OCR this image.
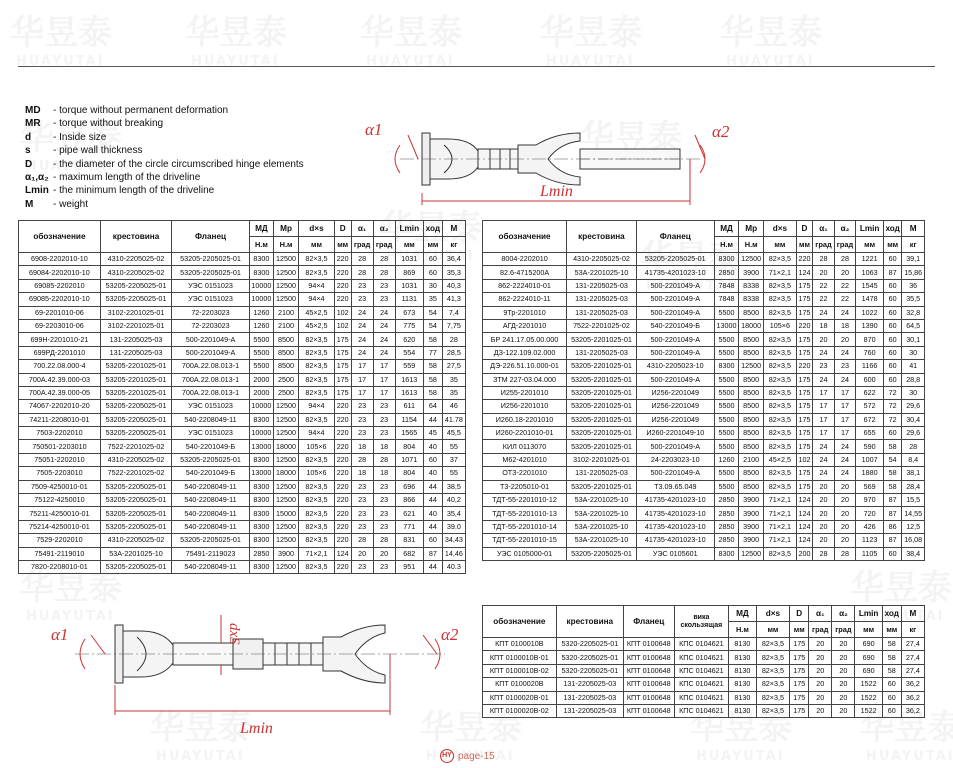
MD	- torque without permanent deformation
MR	- torque without breaking
d	- Inside size
s	- pipe wall thickness
D	- the diameter of the circle circumscribed hinge elements
α₁,α₂ - maximum length of the driveline
Lmin - the minimum length of the driveline
M	- weight
α1	α2
Lmin
α1	α2
Lmin
dxS
обозначение	крестовина	Фланец	МД	Мр	d×s	D	α₁	α₂	Lmin	ход	M
			Н.м	Н.м	мм	мм	град	град	мм	мм	кг
6908-2202010-10	4310-2205025-02	53205-2205025-01	8300	12500	82×3,5	220	28	28	1031	60	36,4
69084-2202010-10	4310-2205025-02	53205-2205025-01	8300	12500	82×3,5	220	28	28	869	60	35,3
69085-2202010	53205-2205025-01	УЭС 0151023	10000	12500	94×4	220	23	23	1031	30	40,3
69085-2202010-10	53205-2205025-01	УЭС 0151023	10000	12500	94×4	220	23	23	1131	35	41,3
69-2201010-06	3102-2201025-01	72-2203023	1260	2100	45×2,5	102	24	24	673	54	7,4
69-2203010-06	3102-2201025-01	72-2203023	1260	2100	45×2,5	102	24	24	775	54	7,75
699Н-2201010-21	131-2205025-03	500-2201049-А	5500	8500	82×3,5	175	24	24	620	58	28
699РД-2201010	131-2205025-03	500-2201049-А	5500	8500	82×3,5	175	24	24	554	77	28,5
700.22.08.000-4	53205-2201025-01	700А.22.08.013-1	5500	8500	82×3,5	175	17	17	559	58	27,5
700А.42.39.000-03	53205-2201025-01	700А.22.08.013-1	2000	2500	82×3,5	175	17	17	1613	58	35
700А.42.39.000-05	53205-2201025-01	700А.22.08.013-1	2000	2500	82×3,5	175	17	17	1613	58	35
74067-2202010-20	53205-2205025-01	УЭС 0151023	10000	12500	94×4	220	23	23	611	64	46
74211-2208010-01	53205-2205025-01	540-2208049-11	8300	12500	82×3,5	220	23	23	1154	44	41.78
7503-2202010	53205-2205025-01	УЭС 0151023	10000	12500	94×4	220	23	23	1565	45	45,5
750501-2203010	7522-2201025-02	540-2201049-Б	13000	18000	105×6	220	18	18	804	40	55
75051-2202010	4310-2205025-02	53205-2205025-01	8300	12500	82×3,5	220	28	28	1071	60	37
7505-2203010	7522-2201025-02	540-2201049-Б	13000	18000	105×6	220	18	18	804	40	55
7509-4250010-01	53205-2205025-01	540-2208049-11	8300	12500	82×3,5	220	23	23	696	44	38,5
75122-4250010	53205-2205025-01	540-2208049-11	8300	12500	82×3,5	220	23	23	866	44	40,2
75211-4250010-01	53205-2205025-01	540-2208049-11	8300	15000	82×3,5	220	23	23	621	40	35,4
75214-4250010-01	53205-2205025-01	540-2208049-11	8300	12500	82×3,5	220	23	23	771	44	39.0
7529-2202010	4310-2205025-02	53205-2205025-01	8300	12500	82×3,5	220	28	28	831	60	34,43
75491-2119010	53А-2201025-10	75491-2119023	2850	3900	71×2,1	124	20	20	682	87	14,46
7820-2208010-01	53205-2205025-01	540-2208049-11	8300	12500	82×3,5	220	23	23	951	44	40.3
обозначение	крестовина	Фланец	МД	Мр	d×s	D	α₁	α₂	Lmin	ход	M
			Н.м	Н.м	мм	мм	град	град	мм	мм	кг
8004-2202010	4310-2205025-02	53205-2205025-01	8300	12500	82×3,5	220	28	28	1221	60	39,1
82.6-4715200А	53А-2201025-10	41735-4201023-10	2850	3900	71×2,1	124	20	20	1063	87	15,86
862-2224010-01	131-2205025-03	500-2201049-А	7848	8338	82×3,5	175	22	22	1545	60	36
862-2224010-11	131-2205025-03	500-2201049-А	7848	8338	82×3,5	175	22	22	1478	60	35,5
9Тр-2201010	131-2205025-03	500-2201049-А	5500	8500	82×3,5	175	24	24	1022	60	32,8
АГД-2201010	7522-2201025-02	540-2201049-Б	13000	18000	105×6	220	18	18	1390	60	64,5
БР 241.17.05.00.000	53205-2201025-01	500-2201049-А	5500	8500	82×3,5	175	20	20	870	60	30,1
ДЗ-122.109.02.000	131-2205025-03	500-2201049-А	5500	8500	82×3,5	175	24	24	760	60	30
ДЭ-226.51.10.000-01	53205-2201025-01	4310-2205023-10	8300	12500	82×3,5	220	23	23	1166	60	41
ЗТМ 227-03.04.000	53205-2201025-01	500-2201049-А	5500	8500	82×3,5	175	24	24	600	60	28,8
И255-2201010	53205-2201025-01	И256-2201049	5500	8500	82×3,5	175	17	17	622	72	30
И256-2201010	53205-2201025-01	И256-2201049	5500	8500	82×3,5	175	17	17	572	72	29,6
И260.18-2201010	53205-2201025-01	И256-2201049	5500	8500	82×3,5	175	17	17	672	72	30,4
И260-2201010-01	53205-2201025-01	И260-2201049-10	5500	8500	82×3,5	175	17	17	655	60	29,6
КИЛ 0113070	53205-2201025-01	500-2201049-А	5500	8500	82×3,5	175	24	24	590	58	28
М62-4201010	3102-2201025-01	24-2203023-10	1260	2100	45×2,5	102	24	24	1007	54	8,4
ОТЗ-2201010	131-2205025-03	500-2201049-А	5500	8500	82×3,5	175	24	24	1880	58	38,1
Т3-2205010-01	53205-2201025-01	Т3.09.65.049	5500	8500	82×3,5	175	20	20	569	58	28,4
ТДТ-55-2201010-12	53А-2201025-10	41735-4201023-10	2850	3900	71×2,1	124	20	20	970	87	15,5
ТДТ-55-2201010-13	53А-2201025-10	41735-4201023-10	2850	3900	71×2,1	124	20	20	720	87	14,55
ТДТ-55-2201010-14	53А-2201025-10	41735-4201023-10	2850	3900	71×2,1	124	20	20	426	86	12,5
ТДТ-55-2201010-15	53А-2201025-10	41735-4201023-10	2850	3900	71×2,1	124	20	20	1123	87	16,08
УЭС 0105000-01	53205-2205025-01	УЭС 0105601	8300	12500	82×3,5	200	28	28	1105	60	38,4
обозначение	крестовина	Фланец	вика скользящая	МД	d×s	D	α₁	α₂	Lmin	ход	M
				Н.м	мм	мм	град	град	мм	мм	кг
КПТ 0100010В	5320-2205025-01	КПТ 0100648	КПС 0104621	8130	82×3,5	175	20	20	690	58	27,4
КПТ 0100010В-01	5320-2205025-01	КПТ 0100648	КПС 0104621	8130	82×3,5	175	20	20	690	58	27,4
КПТ 0100010В-02	5320-2205025-01	КПТ 0100648	КПС 0104621	8130	82×3,5	175	20	20	690	58	27,4
КПТ 0100020В	131-2205025-03	КПТ 0100648	КПС 0104621	8130	82×3,5	175	20	20	1522	60	36,2
КПТ 0100020В-01	131-2205025-03	КПТ 0100648	КПС 0104621	8130	82×3,5	175	20	20	1522	60	36,2
КПТ 0100020В-02	131-2205025-03	КПТ 0100648	КПС 0104621	8130	82×3,5	175	20	20	1522	60	36,2
HY page-15
